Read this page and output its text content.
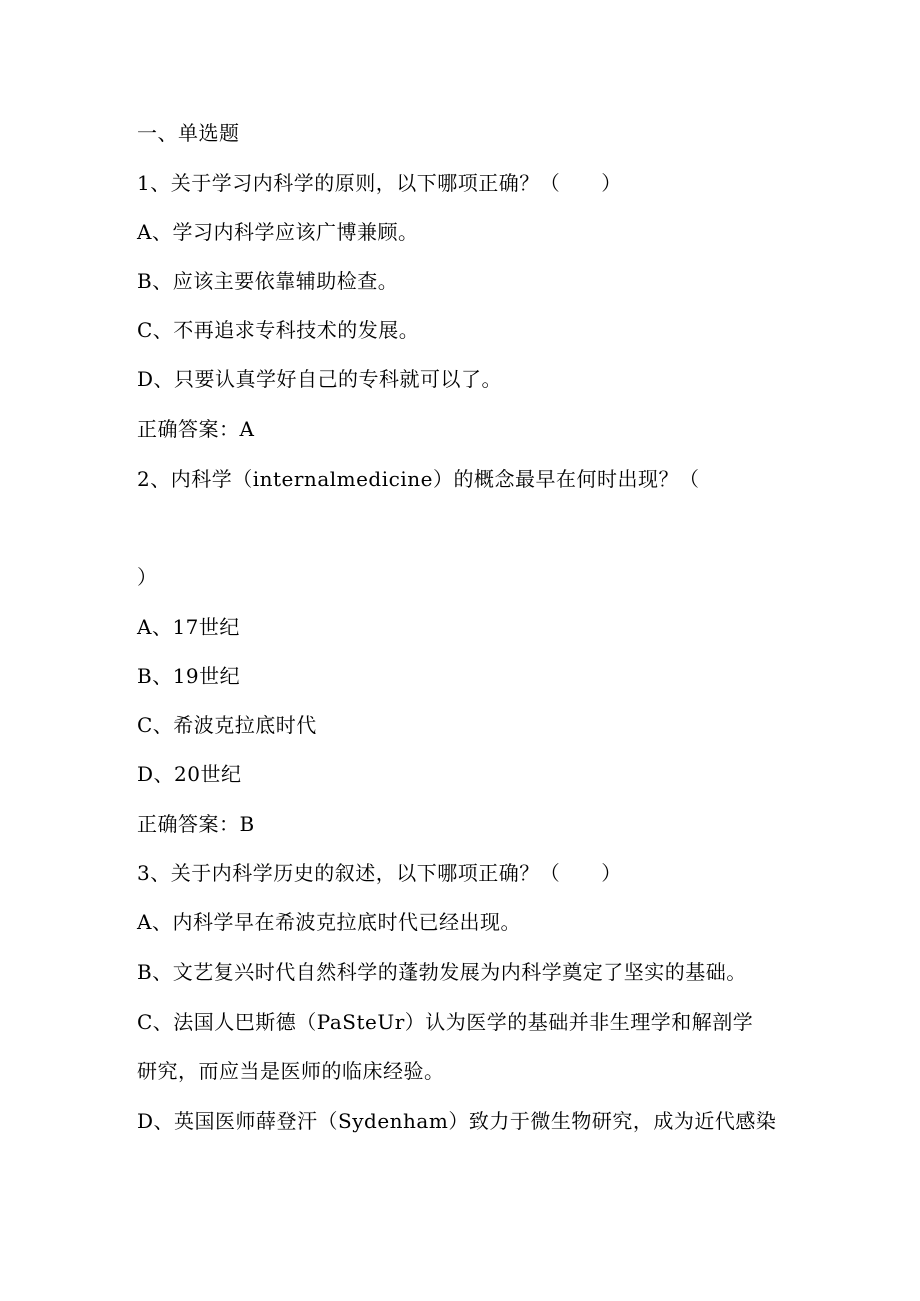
一、单选题
1、关于学习内科学的原则，以下哪项正确？（　　）
A、学习内科学应该广博兼顾。
B、应该主要依靠辅助检查。
C、不再追求专科技术的发展。
D、只要认真学好自己的专科就可以了。
正确答案：A
2、内科学（internalmedicine）的概念最早在何时出现？（
）
A、17世纪
B、19世纪
C、希波克拉底时代
D、20世纪
正确答案：B
3、关于内科学历史的叙述，以下哪项正确？（　　）
A、内科学早在希波克拉底时代已经出现。
B、文艺复兴时代自然科学的蓬勃发展为内科学奠定了坚实的基础。
C、法国人巴斯德（PaSteUr）认为医学的基础并非生理学和解剖学
研究，而应当是医师的临床经验。
D、英国医师薛登汗（Sydenham）致力于微生物研究，成为近代感染
